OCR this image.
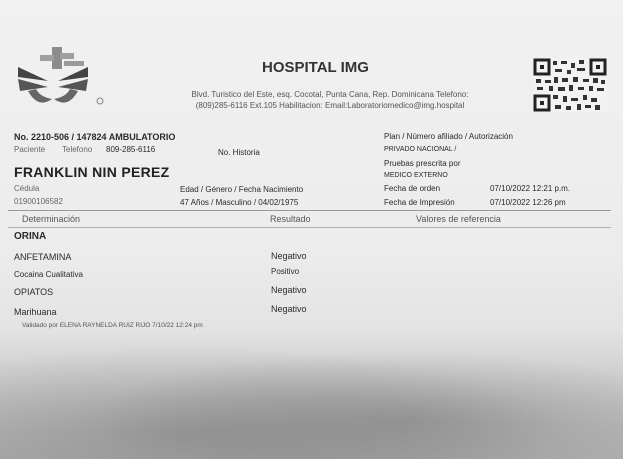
HOSPITAL IMG
Blvd. Turistico del Este, esq. Cocotal, Punta Cana, Rep. Dominicana Telefono:
(809)285-6116 Ext.105 Habilitacion: Email:Laboratoriomedico@img.hospital
No. 2210-506 / 147824 AMBULATORIO
Paciente Telefono 809-285-6116	No. Historia
FRANKLIN NIN PEREZ
Cédula
01900106582
Edad / Género / Fecha Nacimiento
47 Años / Masculino / 04/02/1975
Plan / Número afiliado / Autorización
PRIVADO NACIONAL /
Pruebas prescrita por
MEDICO EXTERNO
Fecha de orden	07/10/2022 12:21 p.m.
Fecha de Impresión	07/10/2022 12:26 pm
Determinación	Resultado	Valores de referencia
ORINA
ANFETAMINA	Negativo
Cocaina Cualitativa	Positivo
OPIATOS	Negativo
Marihuana	Negativo
Validado por ELENA RAYNELDA RUIZ RIJO 7/10/22 12:24 pm
